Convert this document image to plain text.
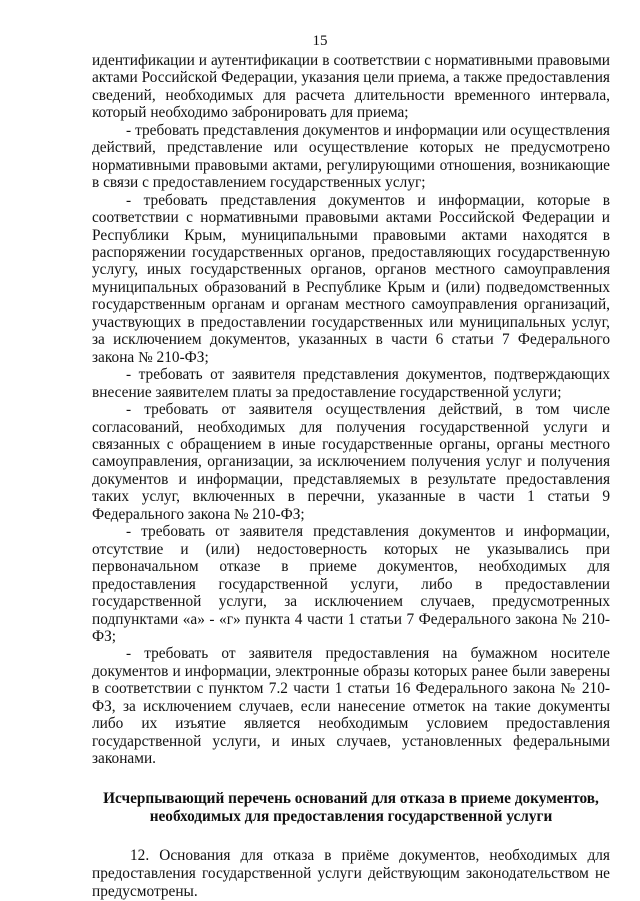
15

идентификации и аутентификации в соответствии с нормативными правовыми актами Российской Федерации, указания цели приема, а также предоставления сведений, необходимых для расчета длительности временного интервала, который необходимо забронировать для приема;

- требовать представления документов и информации или осуществления действий, представление или осуществление которых не предусмотрено нормативными правовыми актами, регулирующими отношения, возникающие в связи с предоставлением государственных услуг;

- требовать представления документов и информации, которые в соответствии с нормативными правовыми актами Российской Федерации и Республики Крым, муниципальными правовыми актами находятся в распоряжении государственных органов, предоставляющих государственную услугу, иных государственных органов, органов местного самоуправления муниципальных образований в Республике Крым и (или) подведомственных государственным органам и органам местного самоуправления организаций, участвующих в предоставлении государственных или муниципальных услуг, за исключением документов, указанных в части 6 статьи 7 Федерального закона № 210-ФЗ;

- требовать от заявителя представления документов, подтверждающих внесение заявителем платы за предоставление государственной услуги;

- требовать от заявителя осуществления действий, в том числе согласований, необходимых для получения государственной услуги и связанных с обращением в иные государственные органы, органы местного самоуправления, организации, за исключением получения услуг и получения документов и информации, представляемых в результате предоставления таких услуг, включенных в перечни, указанные в части 1 статьи 9 Федерального закона № 210-ФЗ;

- требовать от заявителя представления документов и информации, отсутствие и (или) недостоверность которых не указывались при первоначальном отказе в приеме документов, необходимых для предоставления государственной услуги, либо в предоставлении государственной услуги, за исключением случаев, предусмотренных подпунктами «а» - «г» пункта 4 части 1 статьи 7 Федерального закона № 210-ФЗ;

- требовать от заявителя предоставления на бумажном носителе документов и информации, электронные образы которых ранее были заверены в соответствии с пунктом 7.2 части 1 статьи 16 Федерального закона № 210-ФЗ, за исключением случаев, если нанесение отметок на такие документы либо их изъятие является необходимым условием предоставления государственной услуги, и иных случаев, установленных федеральными законами.

Исчерпывающий перечень оснований для отказа в приеме документов, необходимых для предоставления государственной услуги

12. Основания для отказа в приёме документов, необходимых для предоставления государственной услуги действующим законодательством не предусмотрены.
